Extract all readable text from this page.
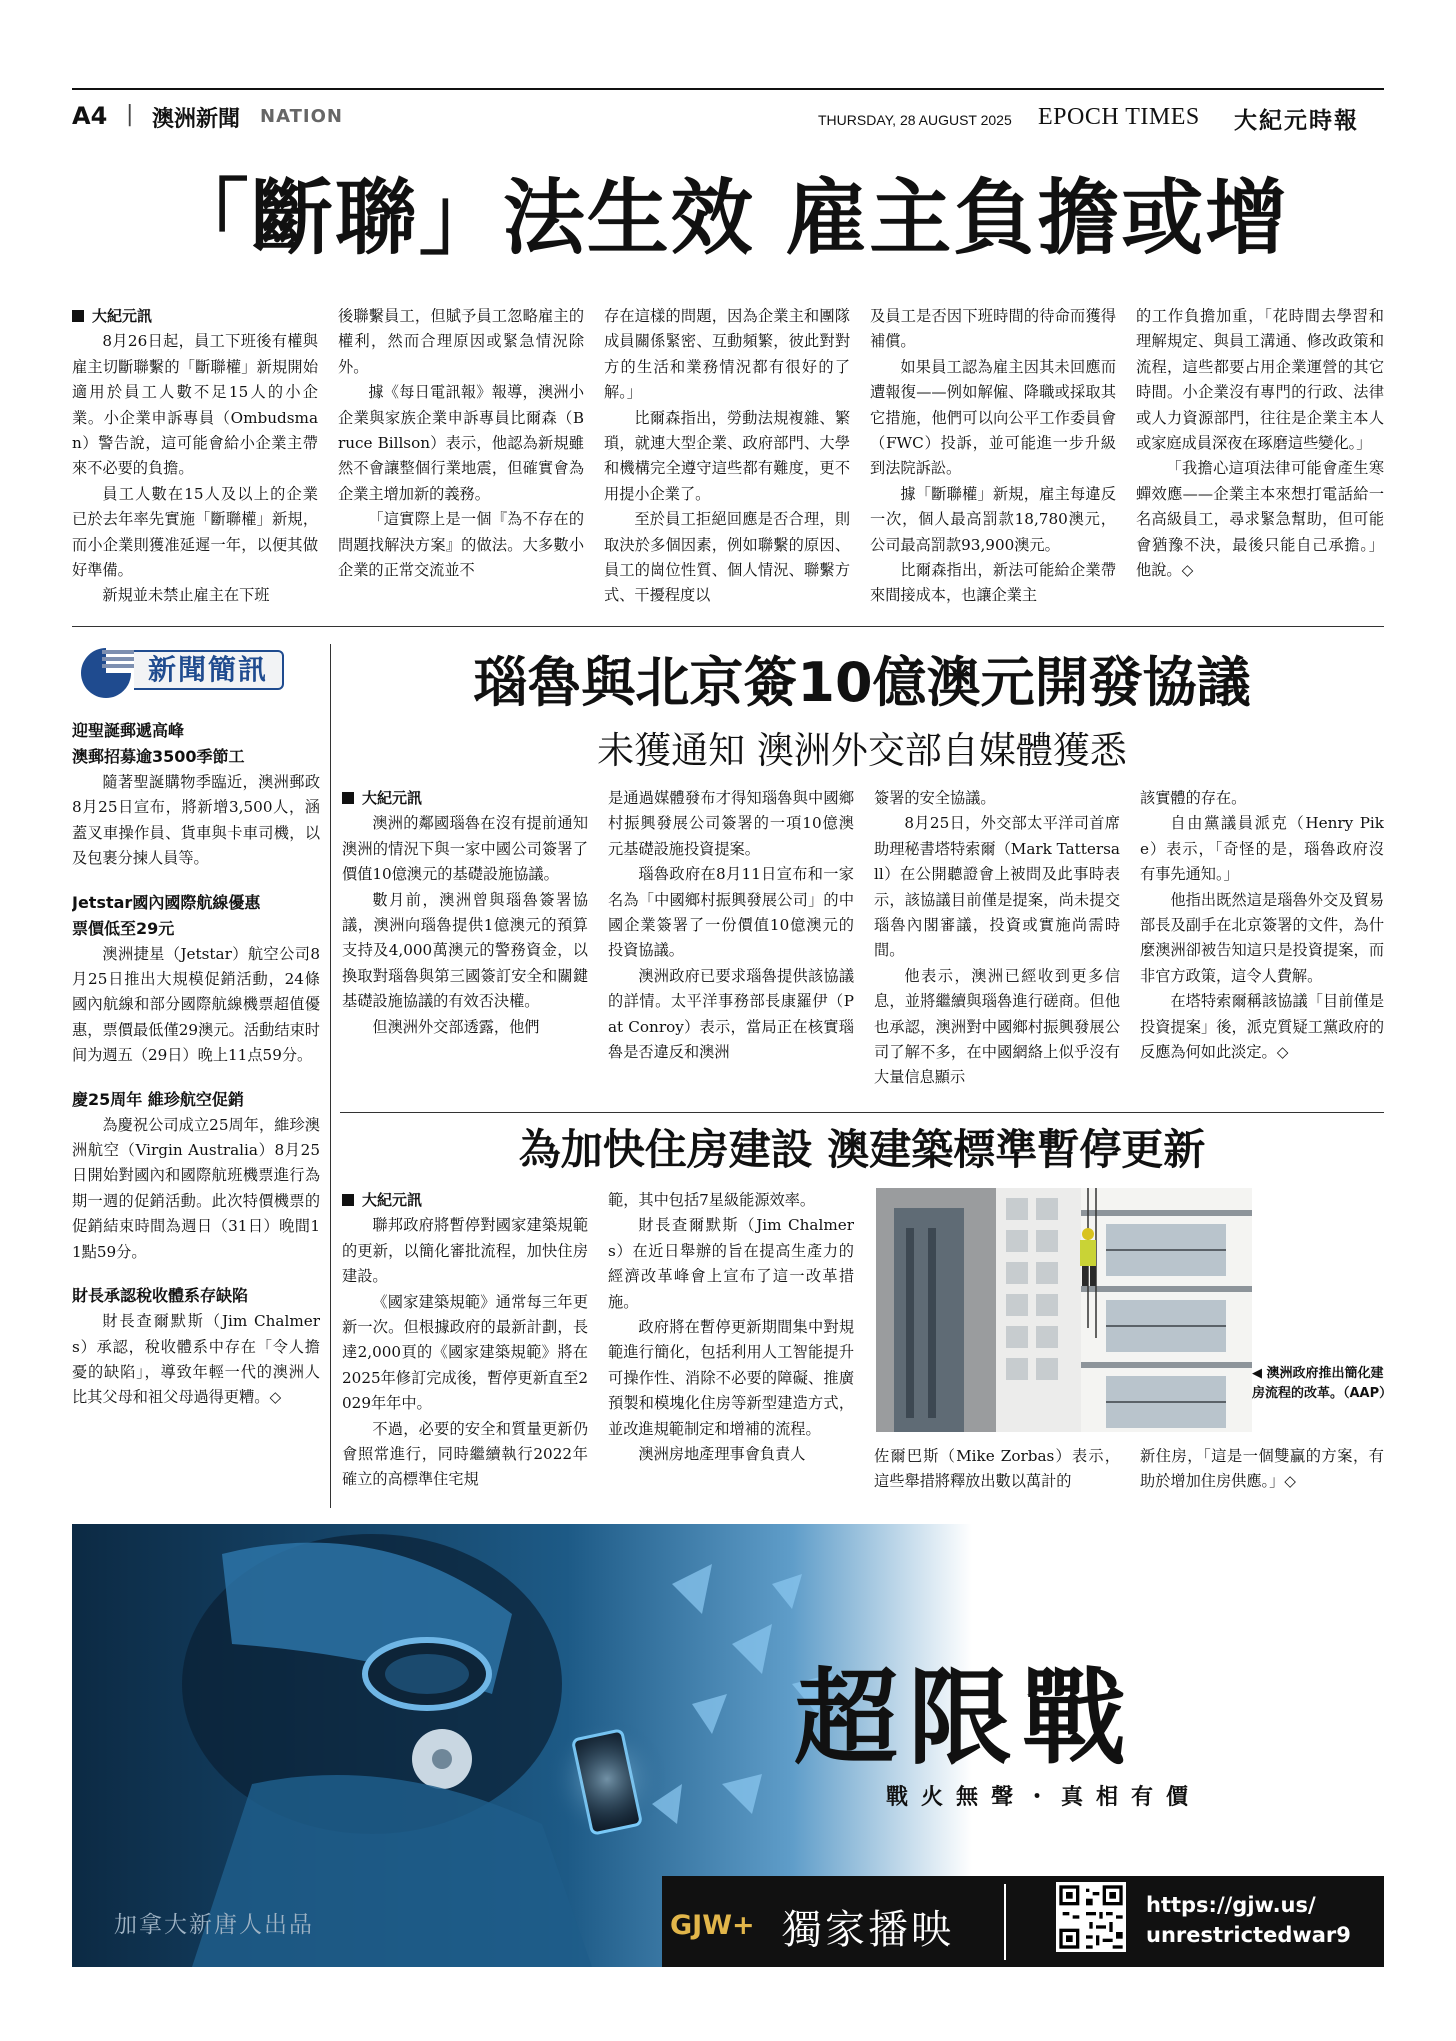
A4 | 澳洲新聞 NATION	THURSDAY, 28 AUGUST 2025 EPOCH TIMES 大紀元時報
「斷聯」法生效 雇主負擔或增
大紀元訊

8月26日起，員工下班後有權與雇主切斷聯繫的「斷聯權」新規開始適用於員工人數不足15人的小企業。小企業申訴專員（Ombudsman）警告說，這可能會給小企業主帶來不必要的負擔。

員工人數在15人及以上的企業已於去年率先實施「斷聯權」新規，而小企業則獲准延遲一年，以便其做好準備。

新規並未禁止雇主在下班

後聯繫員工，但賦予員工忽略雇主的權利，然而合理原因或緊急情況除外。

據《每日電訊報》報導，澳洲小企業與家族企業申訴專員比爾森（Bruce Billson）表示，他認為新規雖然不會讓整個行業地震，但確實會為企業主增加新的義務。

「這實際上是一個『為不存在的問題找解決方案』的做法。大多數小企業的正常交流並不

存在這樣的問題，因為企業主和團隊成員關係緊密、互動頻繁，彼此對對方的生活和業務情況都有很好的了解。」

比爾森指出，勞動法規複雜、繁瑣，就連大型企業、政府部門、大學和機構完全遵守這些都有難度，更不用提小企業了。

至於員工拒絕回應是否合理，則取決於多個因素，例如聯繫的原因、員工的崗位性質、個人情況、聯繫方式、干擾程度以

及員工是否因下班時間的待命而獲得補償。

如果員工認為雇主因其未回應而遭報復——例如解僱、降職或採取其它措施，他們可以向公平工作委員會（FWC）投訴，並可能進一步升級到法院訴訟。

據「斷聯權」新規，雇主每違反一次，個人最高罰款18,780澳元，公司最高罰款93,900澳元。

比爾森指出，新法可能給企業帶來間接成本，也讓企業主

的工作負擔加重，「花時間去學習和理解規定、與員工溝通、修改政策和流程，這些都要占用企業運營的其它時間。小企業沒有專門的行政、法律或人力資源部門，往往是企業主本人或家庭成員深夜在琢磨這些變化。」

「我擔心這項法律可能會產生寒蟬效應——企業主本來想打電話給一名高級員工，尋求緊急幫助，但可能會猶豫不決，最後只能自己承擔。」他說。◇

新聞簡訊
迎聖誕郵遞高峰
澳郵招募逾3500季節工

隨著聖誕購物季臨近，澳洲郵政8月25日宣布，將新增3,500人，涵蓋叉車操作員、貨車與卡車司機，以及包裹分揀人員等。

Jetstar國內國際航線優惠
票價低至29元

澳洲捷星（Jetstar）航空公司8月25日推出大規模促銷活動，24條國內航線和部分國際航線機票超值優惠，票價最低僅29澳元。活動结束时间为週五（29日）晚上11点59分。

慶25周年 維珍航空促銷

為慶祝公司成立25周年，維珍澳洲航空（Virgin Australia）8月25日開始對國內和國際航班機票進行為期一週的促銷活動。此次特價機票的促銷結束時間為週日（31日）晚間11點59分。

財長承認稅收體系存缺陷

財長查爾默斯（Jim Chalmers）承認，稅收體系中存在「令人擔憂的缺陷」，導致年輕一代的澳洲人比其父母和祖父母過得更糟。◇

瑙魯與北京簽10億澳元開發協議
未獲通知 澳洲外交部自媒體獲悉
大紀元訊

澳洲的鄰國瑙魯在沒有提前通知澳洲的情況下與一家中國公司簽署了價值10億澳元的基礎設施協議。

數月前，澳洲曾與瑙魯簽署協議，澳洲向瑙魯提供1億澳元的預算支持及4,000萬澳元的警務資金，以換取對瑙魯與第三國簽訂安全和關鍵基礎設施協議的有效否決權。

但澳洲外交部透露，他們

是通過媒體發布才得知瑙魯與中國鄉村振興發展公司簽署的一項10億澳元基礎設施投資提案。

瑙魯政府在8月11日宣布和一家名為「中國鄉村振興發展公司」的中國企業簽署了一份價值10億澳元的投資協議。

澳洲政府已要求瑙魯提供該協議的詳情。太平洋事務部長康羅伊（Pat Conroy）表示，當局正在核實瑙魯是否違反和澳洲

簽署的安全協議。

8月25日，外交部太平洋司首席助理秘書塔特索爾（Mark Tattersall）在公開聽證會上被問及此事時表示，該協議目前僅是提案，尚未提交瑙魯內閣審議，投資或實施尚需時間。

他表示，澳洲已經收到更多信息，並將繼續與瑙魯進行磋商。但他也承認，澳洲對中國鄉村振興發展公司了解不多，在中國網絡上似乎沒有大量信息顯示

該實體的存在。

自由黨議員派克（Henry Pike）表示，「奇怪的是，瑙魯政府沒有事先通知。」

他指出既然這是瑙魯外交及貿易部長及副手在北京簽署的文件，為什麼澳洲卻被告知這只是投資提案，而非官方政策，這令人費解。

在塔特索爾稱該協議「目前僅是投資提案」後，派克質疑工黨政府的反應為何如此淡定。◇

為加快住房建設 澳建築標準暫停更新
大紀元訊

聯邦政府將暫停對國家建築規範的更新，以簡化審批流程，加快住房建設。

《國家建築規範》通常每三年更新一次。但根據政府的最新計劃，長達2,000頁的《國家建築規範》將在2025年修訂完成後，暫停更新直至2029年年中。

不過，必要的安全和質量更新仍會照常進行，同時繼續執行2022年確立的高標準住宅規

範，其中包括7星級能源效率。

財長查爾默斯（Jim Chalmers）在近日舉辦的旨在提高生產力的經濟改革峰會上宣布了這一改革措施。

政府將在暫停更新期間集中對規範進行簡化，包括利用人工智能提升可操作性、消除不必要的障礙、推廣預製和模塊化住房等新型建造方式，並改進規範制定和增補的流程。

澳洲房地產理事會負責人

◀ 澳洲政府推出簡化建房流程的改革。（AAP）

佐爾巴斯（Mike Zorbas）表示，這些舉措將釋放出數以萬計的

新住房，「這是一個雙贏的方案，有助於增加住房供應。」◇

超限戰
戰火無聲・真相有價
GJW+ 獨家播映
https://gjw.us/
unrestrictedwar9
加拿大新唐人出品
